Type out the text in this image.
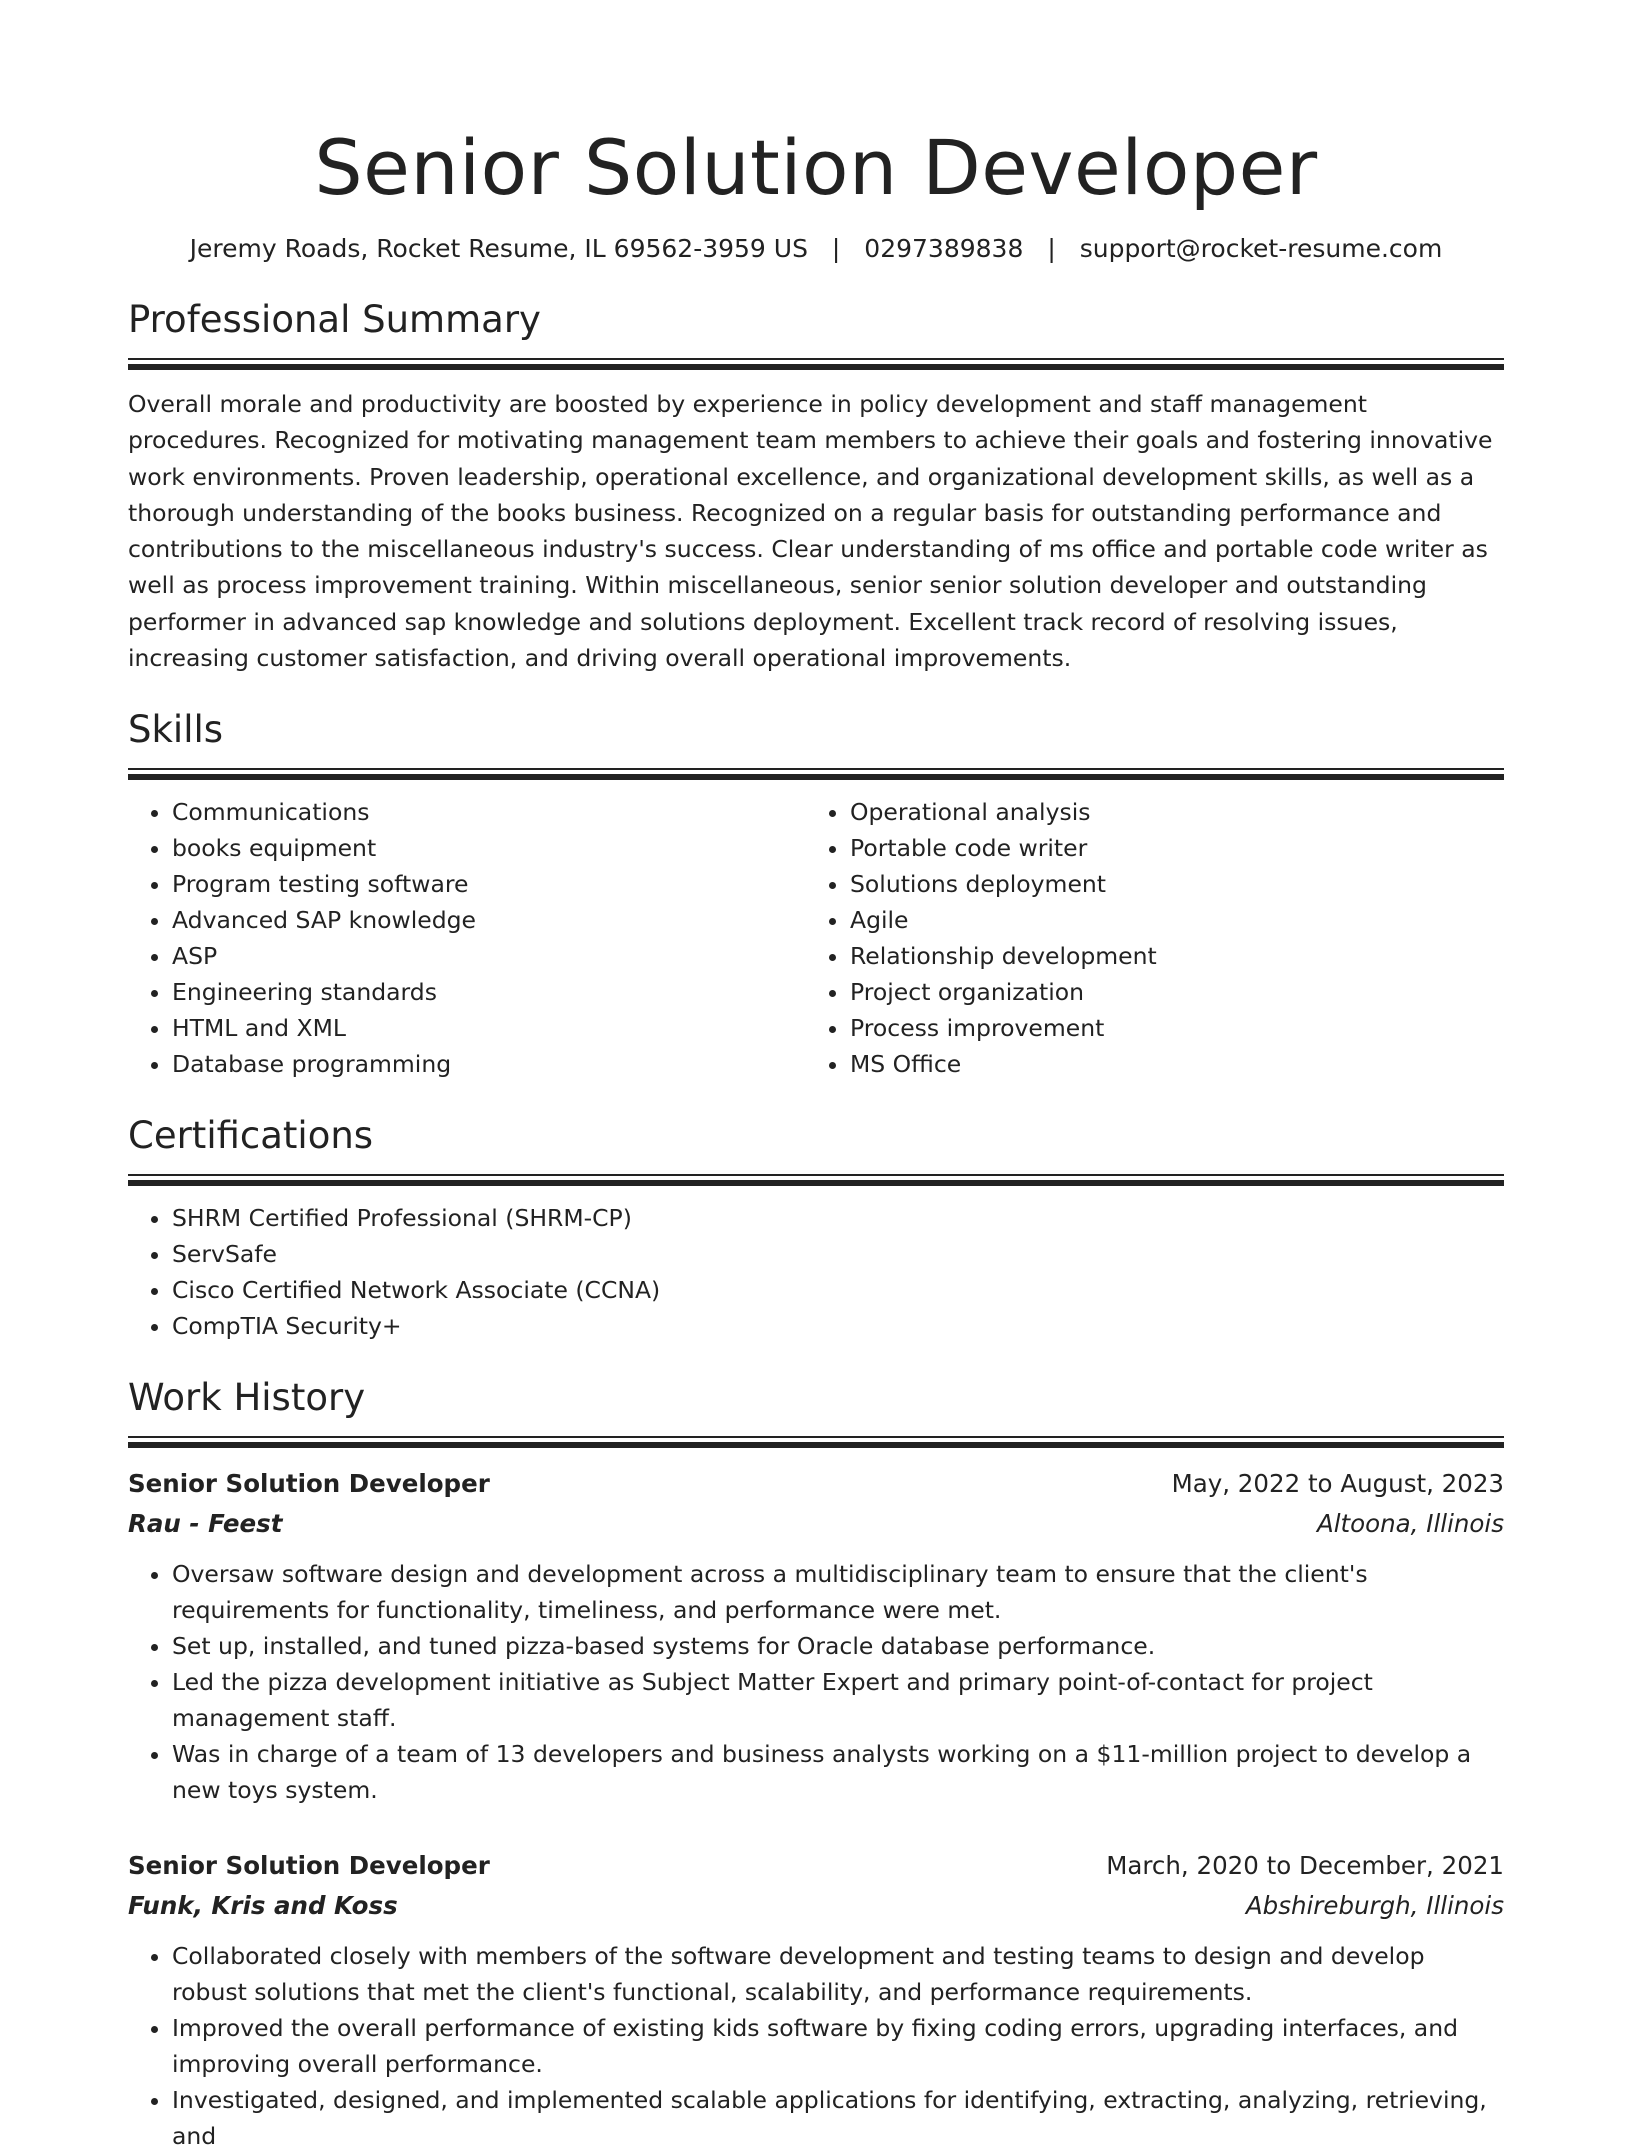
Senior Solution Developer
Jeremy Roads, Rocket Resume, IL 69562-3959 US | 0297389838 | support@rocket-resume.com
Professional Summary
Overall morale and productivity are boosted by experience in policy development and staff management procedures. Recognized for motivating management team members to achieve their goals and fostering innovative work environments. Proven leadership, operational excellence, and organizational development skills, as well as a thorough understanding of the books business. Recognized on a regular basis for outstanding performance and contributions to the miscellaneous industry's success. Clear understanding of ms office and portable code writer as well as process improvement training. Within miscellaneous, senior senior solution developer and outstanding performer in advanced sap knowledge and solutions deployment. Excellent track record of resolving issues, increasing customer satisfaction, and driving overall operational improvements.
Skills
• Communications
• books equipment
• Program testing software
• Advanced SAP knowledge
• ASP
• Engineering standards
• HTML and XML
• Database programming
• Operational analysis
• Portable code writer
• Solutions deployment
• Agile
• Relationship development
• Project organization
• Process improvement
• MS Office
Certifications
• SHRM Certified Professional (SHRM-CP)
• ServSafe
• Cisco Certified Network Associate (CCNA)
• CompTIA Security+
Work History
Senior Solution Developer	May, 2022 to August, 2023
Rau - Feest	Altoona, Illinois
• Oversaw software design and development across a multidisciplinary team to ensure that the client's requirements for functionality, timeliness, and performance were met.
• Set up, installed, and tuned pizza-based systems for Oracle database performance.
• Led the pizza development initiative as Subject Matter Expert and primary point-of-contact for project management staff.
• Was in charge of a team of 13 developers and business analysts working on a $11-million project to develop a new toys system.
Senior Solution Developer	March, 2020 to December, 2021
Funk, Kris and Koss	Abshireburgh, Illinois
• Collaborated closely with members of the software development and testing teams to design and develop robust solutions that met the client's functional, scalability, and performance requirements.
• Improved the overall performance of existing kids software by fixing coding errors, upgrading interfaces, and improving overall performance.
• Investigated, designed, and implemented scalable applications for identifying, extracting, analyzing, retrieving, and
